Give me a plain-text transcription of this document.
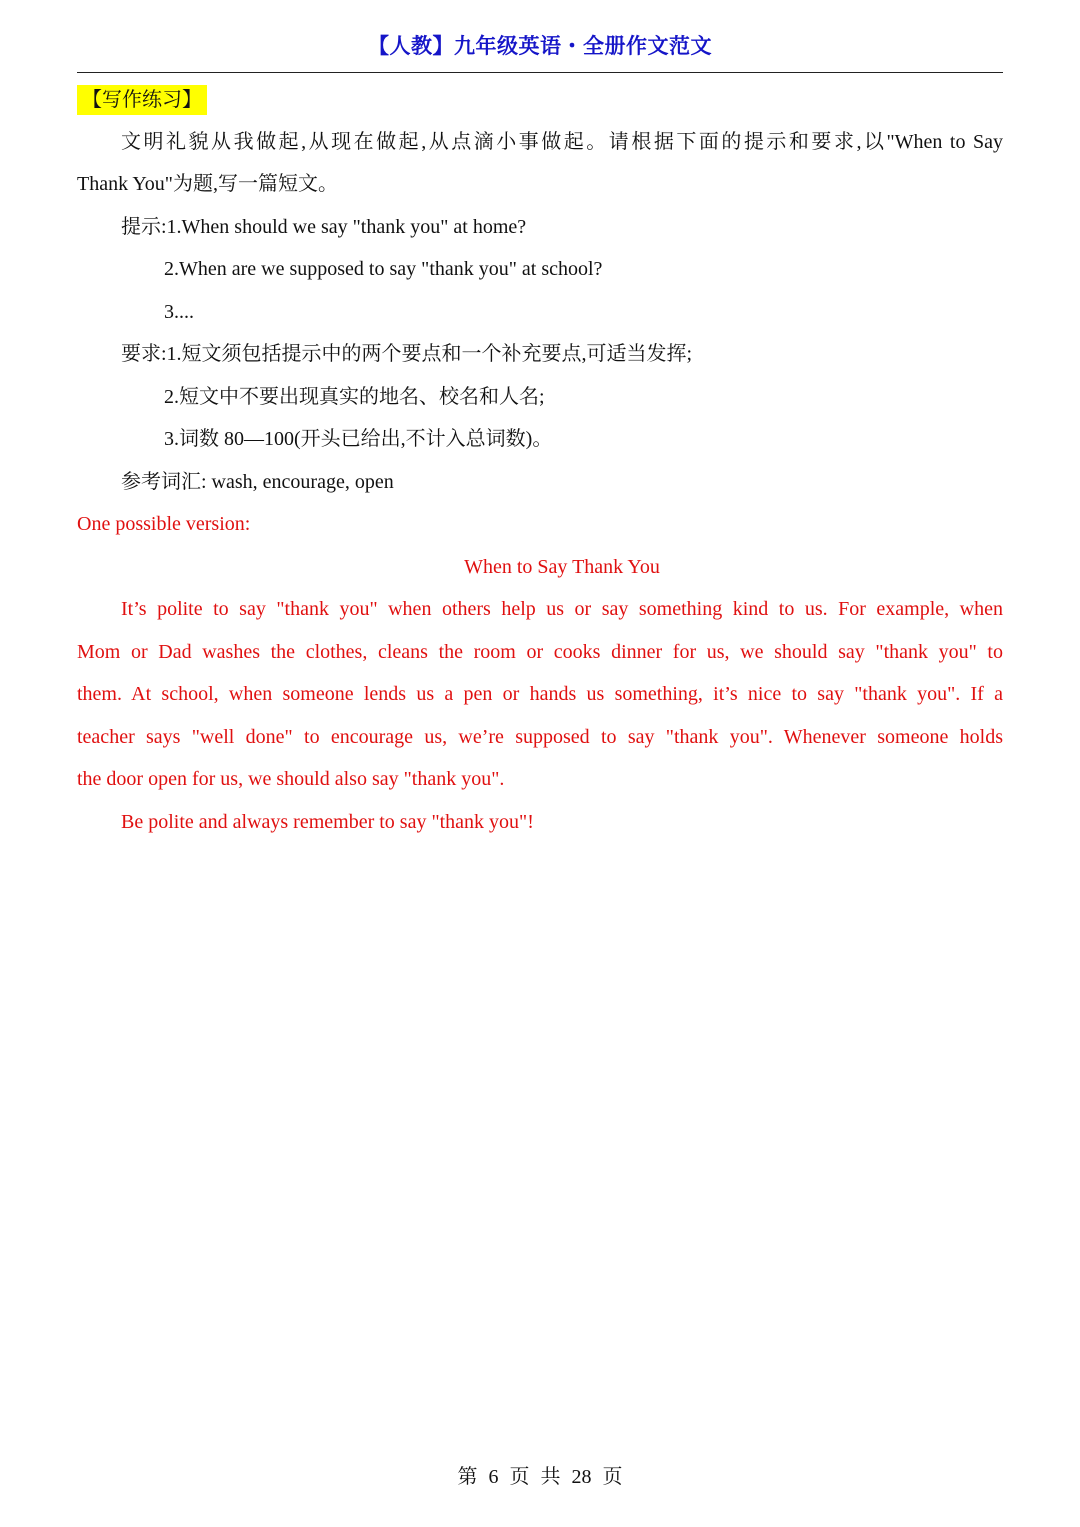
【人教】九年级英语・全册作文范文
【写作练习】
文明礼貌从我做起,从现在做起,从点滴小事做起。请根据下面的提示和要求,以"When to Say
Thank You"为题,写一篇短文。
提示:1.When should we say "thank you" at home?
2.When are we supposed to say "thank you" at school?
3....
要求:1.短文须包括提示中的两个要点和一个补充要点,可适当发挥;
2.短文中不要出现真实的地名、校名和人名;
3.词数 80—100(开头已给出,不计入总词数)。
参考词汇: wash, encourage, open
One possible version:
When to Say Thank You
It’s polite to say "thank you" when others help us or say something kind to us. For example, when
Mom or Dad washes the clothes, cleans the room or cooks dinner for us, we should say "thank you" to
them. At school, when someone lends us a pen or hands us something, it’s nice to say "thank you". If a
teacher says "well done" to encourage us, we’re supposed to say "thank you". Whenever someone holds
the door open for us, we should also say "thank you".
Be polite and always remember to say "thank you"!
第 6 页 共 28 页
